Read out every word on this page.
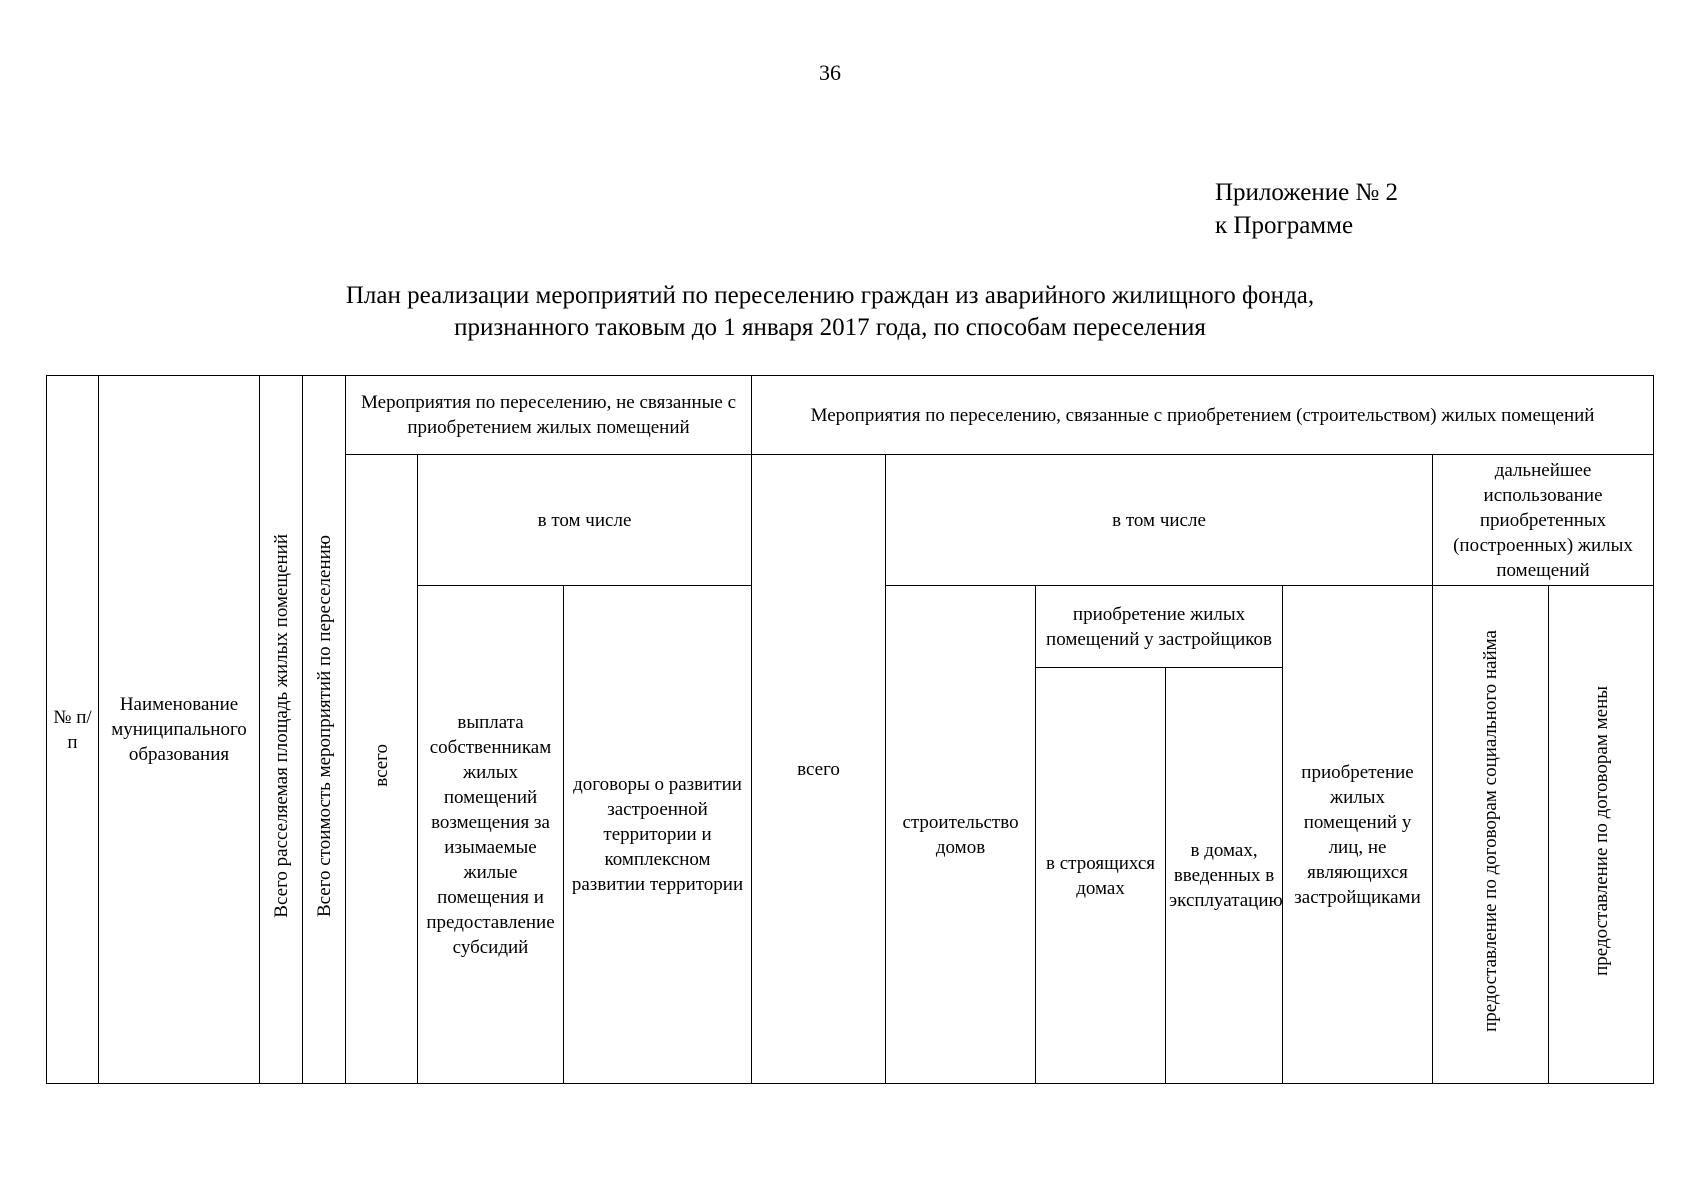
36
Приложение № 2
к Программе
План реализации мероприятий по переселению граждан из аварийного жилищного фонда,
признанного таковым до 1 января 2017 года, по способам переселения
№ п/п	Наименование муниципального образования	Всего расселяемая площадь жилых помещений	Всего стоимость мероприятий по переселению	Мероприятия по переселению, не связанные с приобретением жилых помещений			Мероприятия по переселению, связанные с приобретением (строительством) жилых помещений						
				всего	в том числе		всего	в том числе				дальнейшее использование приобретенных (построенных) жилых помещений	
					выплата собственникам жилых помещений возмещения за изымаемые жилые помещения и предоставление субсидий	договоры о развитии застроенной территории и комплексном развитии территории		строительство домов	приобретение жилых помещений у застройщиков		приобретение жилых помещений у лиц, не являющихся застройщиками	предоставление по договорам социального найма	предоставление по договорам мены
									в строящихся домах	в домах, введенных в эксплуатацию			
